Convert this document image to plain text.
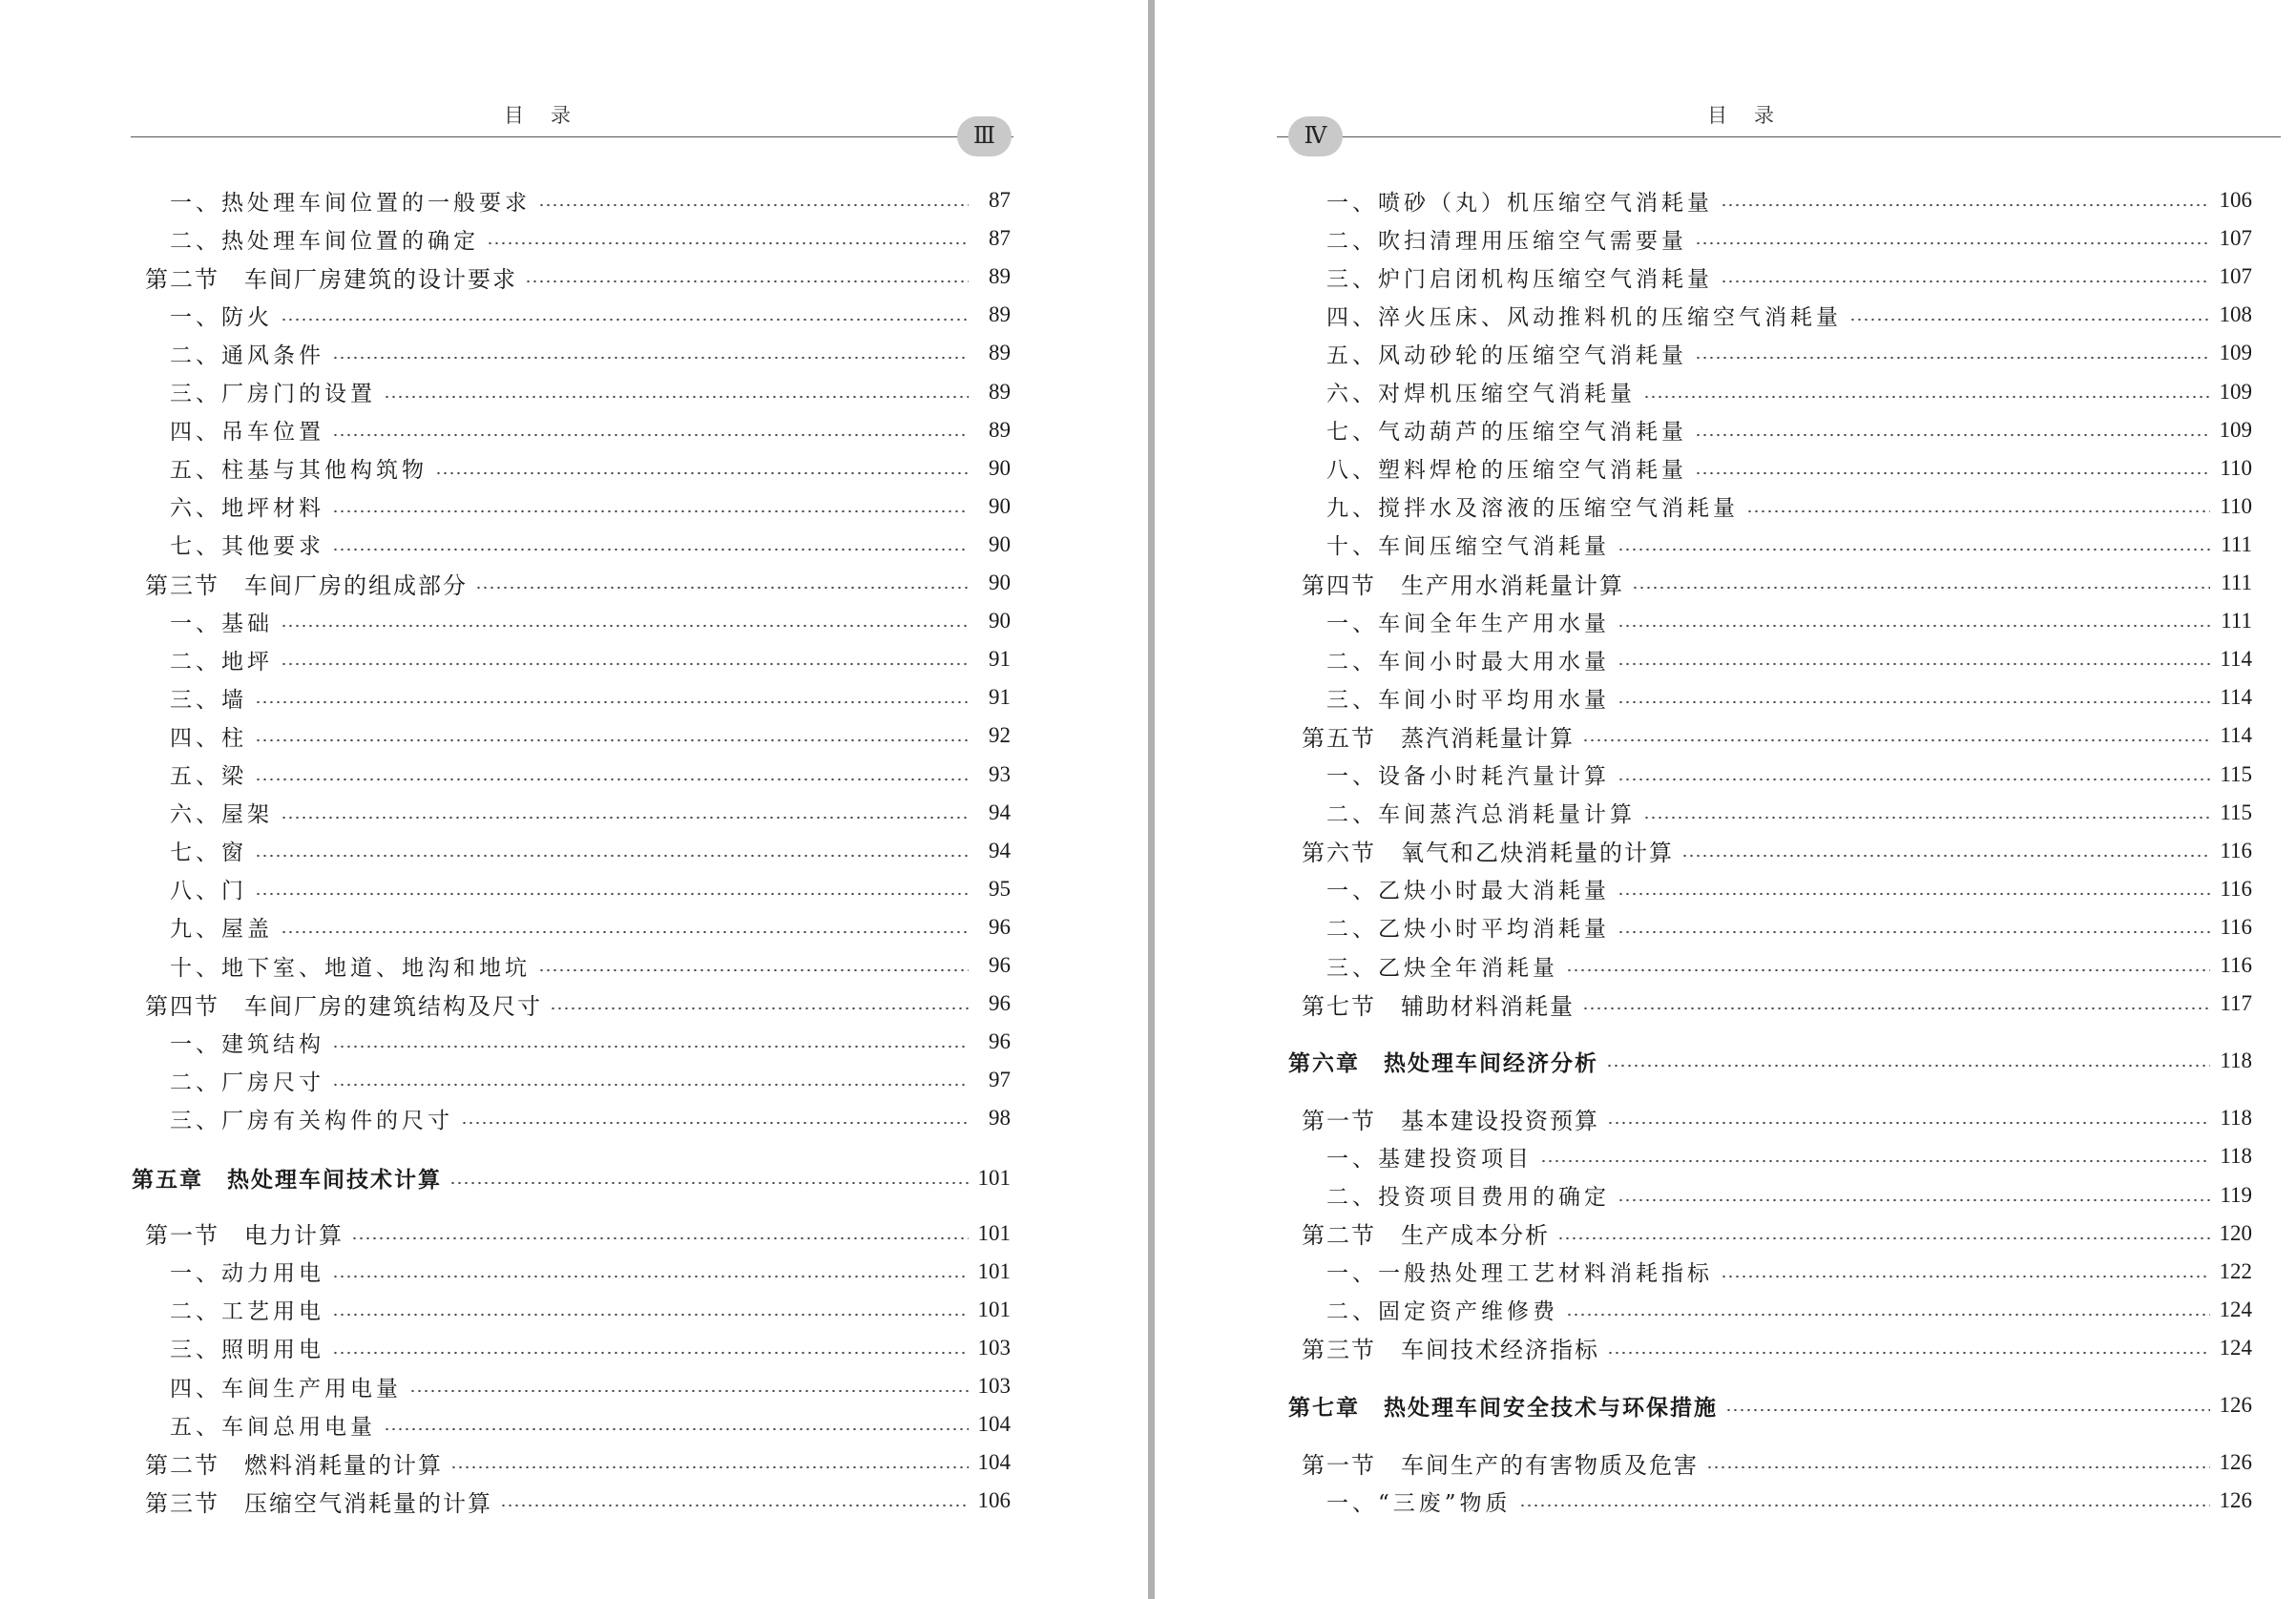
目录
Ⅲ
一、热处理车间位置的一般要求	87
二、热处理车间位置的确定	87
第二节　车间厂房建筑的设计要求	89
一、防火	89
二、通风条件	89
三、厂房门的设置	89
四、吊车位置	89
五、柱基与其他构筑物	90
六、地坪材料	90
七、其他要求	90
第三节　车间厂房的组成部分	90
一、基础	90
二、地坪	91
三、墙	91
四、柱	92
五、梁	93
六、屋架	94
七、窗	94
八、门	95
九、屋盖	96
十、地下室、地道、地沟和地坑	96
第四节　车间厂房的建筑结构及尺寸	96
一、建筑结构	96
二、厂房尺寸	97
三、厂房有关构件的尺寸	98
第五章　热处理车间技术计算	101
第一节　电力计算	101
一、动力用电	101
二、工艺用电	101
三、照明用电	103
四、车间生产用电量	103
五、车间总用电量	104
第二节　燃料消耗量的计算	104
第三节　压缩空气消耗量的计算	106
目录
Ⅳ
一、喷砂（丸）机压缩空气消耗量	106
二、吹扫清理用压缩空气需要量	107
三、炉门启闭机构压缩空气消耗量	107
四、淬火压床、风动推料机的压缩空气消耗量	108
五、风动砂轮的压缩空气消耗量	109
六、对焊机压缩空气消耗量	109
七、气动葫芦的压缩空气消耗量	109
八、塑料焊枪的压缩空气消耗量	110
九、搅拌水及溶液的压缩空气消耗量	110
十、车间压缩空气消耗量	111
第四节　生产用水消耗量计算	111
一、车间全年生产用水量	111
二、车间小时最大用水量	114
三、车间小时平均用水量	114
第五节　蒸汽消耗量计算	114
一、设备小时耗汽量计算	115
二、车间蒸汽总消耗量计算	115
第六节　氧气和乙炔消耗量的计算	116
一、乙炔小时最大消耗量	116
二、乙炔小时平均消耗量	116
三、乙炔全年消耗量	116
第七节　辅助材料消耗量	117
第六章　热处理车间经济分析	118
第一节　基本建设投资预算	118
一、基建投资项目	118
二、投资项目费用的确定	119
第二节　生产成本分析	120
一、一般热处理工艺材料消耗指标	122
二、固定资产维修费	124
第三节　车间技术经济指标	124
第七章　热处理车间安全技术与环保措施	126
第一节　车间生产的有害物质及危害	126
一、“三废”物质	126
